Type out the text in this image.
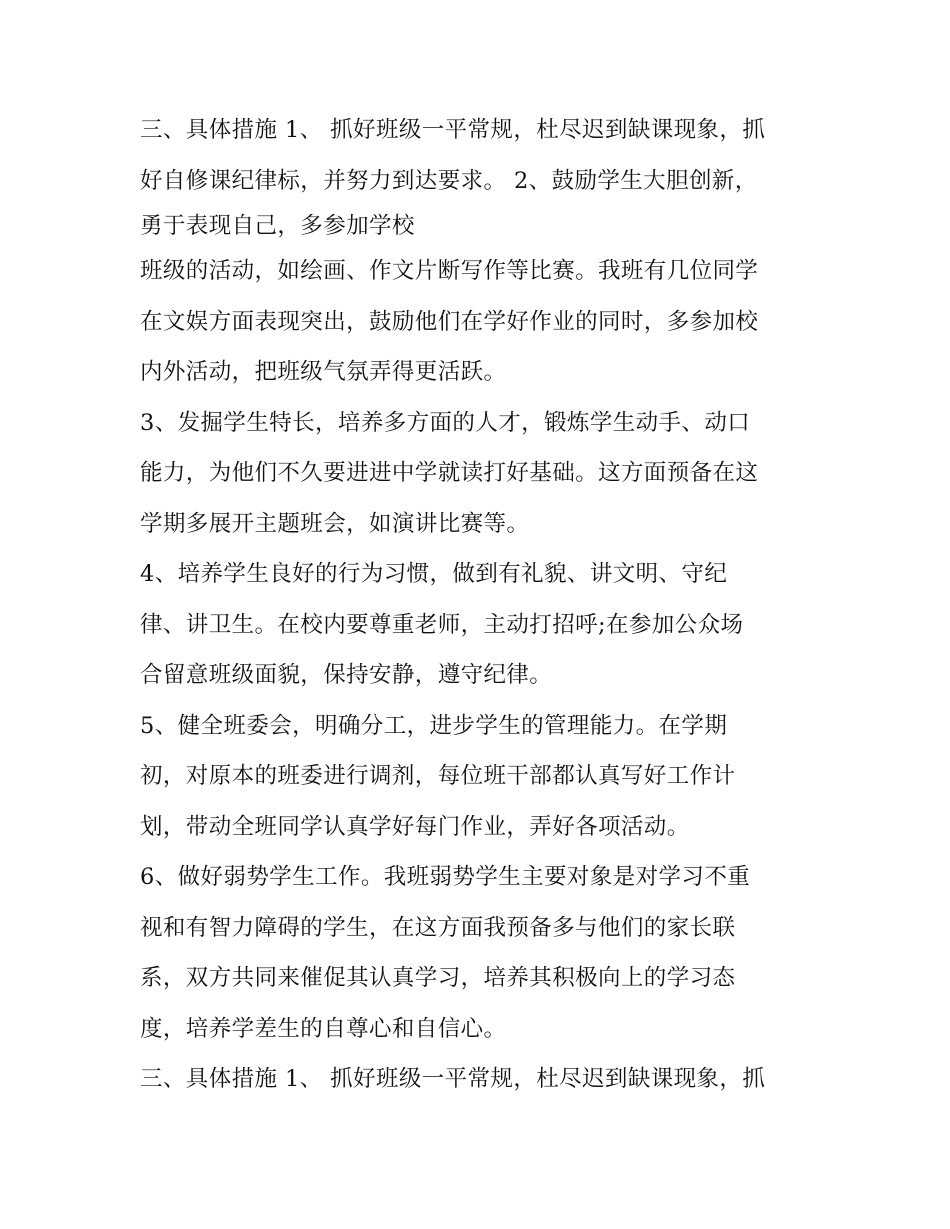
三、具体措施 1、 抓好班级一平常规，杜尽迟到缺课现象，抓
好自修课纪律标，并努力到达要求。 2、鼓励学生大胆创新，
勇于表现自己，多参加学校
班级的活动，如绘画、作文片断写作等比赛。我班有几位同学
在文娱方面表现突出，鼓励他们在学好作业的同时，多参加校
内外活动，把班级气氛弄得更活跃。
3、发掘学生特长，培养多方面的人才，锻炼学生动手、动口
能力，为他们不久要进进中学就读打好基础。这方面预备在这
学期多展开主题班会，如演讲比赛等。
4、培养学生良好的行为习惯，做到有礼貌、讲文明、守纪
律、讲卫生。在校内要尊重老师，主动打招呼;在参加公众场
合留意班级面貌，保持安静，遵守纪律。
5、健全班委会，明确分工，进步学生的管理能力。在学期
初，对原本的班委进行调剂，每位班干部都认真写好工作计
划，带动全班同学认真学好每门作业，弄好各项活动。
6、做好弱势学生工作。我班弱势学生主要对象是对学习不重
视和有智力障碍的学生，在这方面我预备多与他们的家长联
系，双方共同来催促其认真学习，培养其积极向上的学习态
度，培养学差生的自尊心和自信心。
三、具体措施 1、 抓好班级一平常规，杜尽迟到缺课现象，抓
